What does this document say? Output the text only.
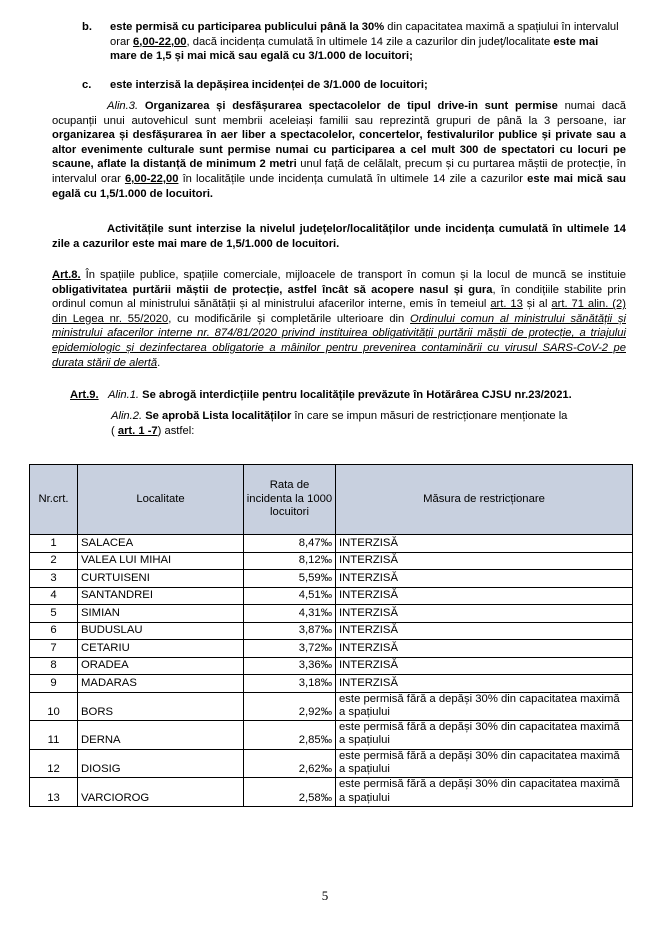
b.	este permisă cu participarea publicului până la 30% din capacitatea maximă a spațiului în intervalul orar 6,00-22,00, dacă incidența cumulată în ultimele 14 zile a cazurilor din județ/localitate este mai mare de 1,5 și mai mică sau egală cu 3/1.000 de locuitori;
c.	este interzisă la depășirea incidenței de 3/1.000 de locuitori;
Alin.3. Organizarea și desfășurarea spectacolelor de tipul drive-in sunt permise numai dacă ocupanții unui autovehicul sunt membrii aceleiași familii sau reprezintă grupuri de până la 3 persoane, iar organizarea și desfășurarea în aer liber a spectacolelor, concertelor, festivalurilor publice și private sau a altor evenimente culturale sunt permise numai cu participarea a cel mult 300 de spectatori cu locuri pe scaune, aflate la distanță de minimum 2 metri unul față de celălalt, precum și cu purtarea măștii de protecție, în intervalul orar 6,00-22,00 în localitățile unde incidența cumulată în ultimele 14 zile a cazurilor este mai mică sau egală cu 1,5/1.000 de locuitori.
Activitățile sunt interzise la nivelul județelor/localităților unde incidența cumulată în ultimele 14 zile a cazurilor este mai mare de 1,5/1.000 de locuitori.
Art.8. În spațiile publice, spațiile comerciale, mijloacele de transport în comun și la locul de muncă se instituie obligativitatea purtării măștii de protecție, astfel încât să acopere nasul și gura, în condițiile stabilite prin ordinul comun al ministrului sănătății și al ministrului afacerilor interne, emis în temeiul art. 13 și al art. 71 alin. (2) din Legea nr. 55/2020, cu modificările și completările ulterioare din Ordinului comun al ministrului sănătății și ministrului afacerilor interne nr. 874/81/2020 privind instituirea obligativității purtării măștii de protecție, a triajului epidemiologic și dezinfectarea obligatorie a mâinilor pentru prevenirea contaminării cu virusul SARS-CoV-2 pe durata stării de alertă.
Art.9. Alin.1. Se abrogă interdicțiile pentru localitățile prevăzute în Hotărârea CJSU nr.23/2021.
Alin.2. Se aprobă Lista localităților în care se impun măsuri de restricționare menționate la
( art. 1 -7) astfel:
Nr.crt.	Localitate	Rata de incidenta la 1000 locuitori	Măsura de restricționare
1	SALACEA	8,47‰	INTERZISĂ
2	VALEA LUI MIHAI	8,12‰	INTERZISĂ
3	CURTUISENI	5,59‰	INTERZISĂ
4	SANTANDREI	4,51‰	INTERZISĂ
5	SIMIAN	4,31‰	INTERZISĂ
6	BUDUSLAU	3,87‰	INTERZISĂ
7	CETARIU	3,72‰	INTERZISĂ
8	ORADEA	3,36‰	INTERZISĂ
9	MADARAS	3,18‰	INTERZISĂ
10	BORS	2,92‰	este permisă fără a depăși 30% din capacitatea maximă a spațiului
11	DERNA	2,85‰	este permisă fără a depăși 30% din capacitatea maximă a spațiului
12	DIOSIG	2,62‰	este permisă fără a depăși 30% din capacitatea maximă a spațiului
13	VARCIOROG	2,58‰	este permisă fără a depăși 30% din capacitatea maximă a spațiului
5
